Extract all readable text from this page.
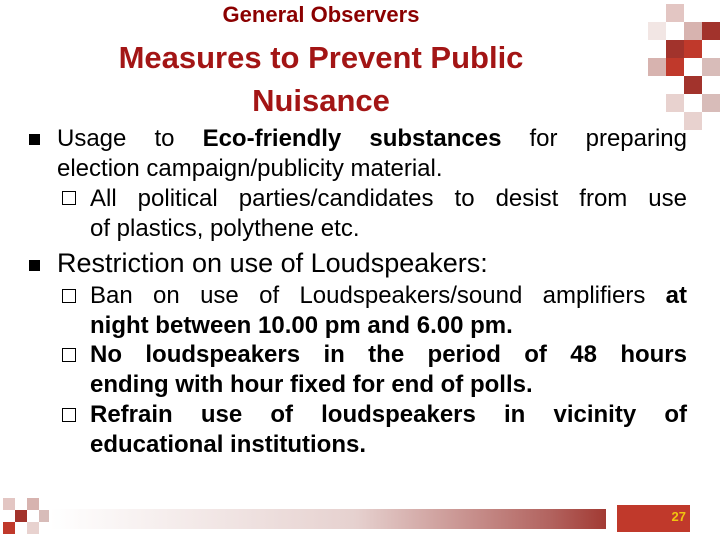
General Observers
Measures to Prevent Public
Nuisance
Usage to Eco-friendly substances for preparing
election campaign/publicity material.
All political parties/candidates to desist from use
of plastics, polythene etc.
Restriction on use of Loudspeakers:
Ban on use of Loudspeakers/sound amplifiers at
night between 10.00 pm and 6.00 pm.
No loudspeakers in the period of 48 hours
ending with hour fixed for end of polls.
Refrain use of loudspeakers in vicinity of
educational institutions.
27
